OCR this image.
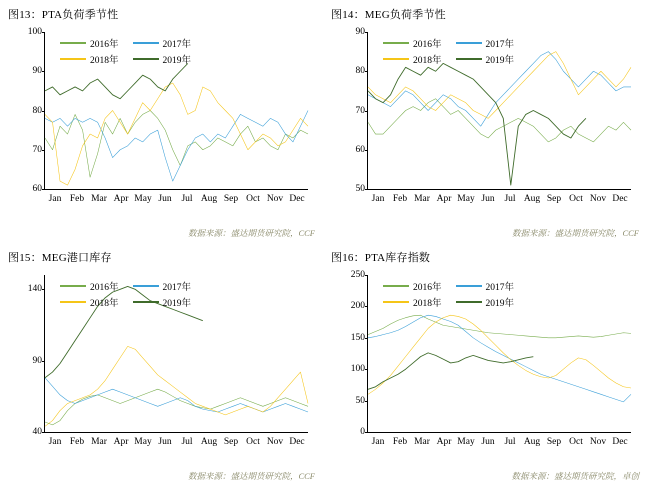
图13：PTA负荷季节性
2016年	2017年
2018年	2019年
60
70
80
90
100
Jan Feb Mar Apr May Jun	Jul Aug Sep Oct Nov Dec
数据来源：盛达期货研究院，CCF
图14：MEG负荷季节性
2016年	2017年
2018年	2019年
50
60
70
80
90
Jan Feb Mar Apr May Jun	Jul Aug Sep Oct Nov Dec
数据来源：盛达期货研究院，CCF
图15：MEG港口库存
2016年	2017年
2018年	2019年
40
90
140
Jan Feb Mar Apr May Jun	Jul Aug Sep Oct Nov Dec
数据来源：盛达期货研究院，CCF
图16：PTA库存指数
2016年	2017年
2018年	2019年
0
50
100
150
200
250
Jan Feb Mar Apr May Jun	Jul Aug Sep Oct Nov Dec
数据来源：盛达期货研究院，卓创
